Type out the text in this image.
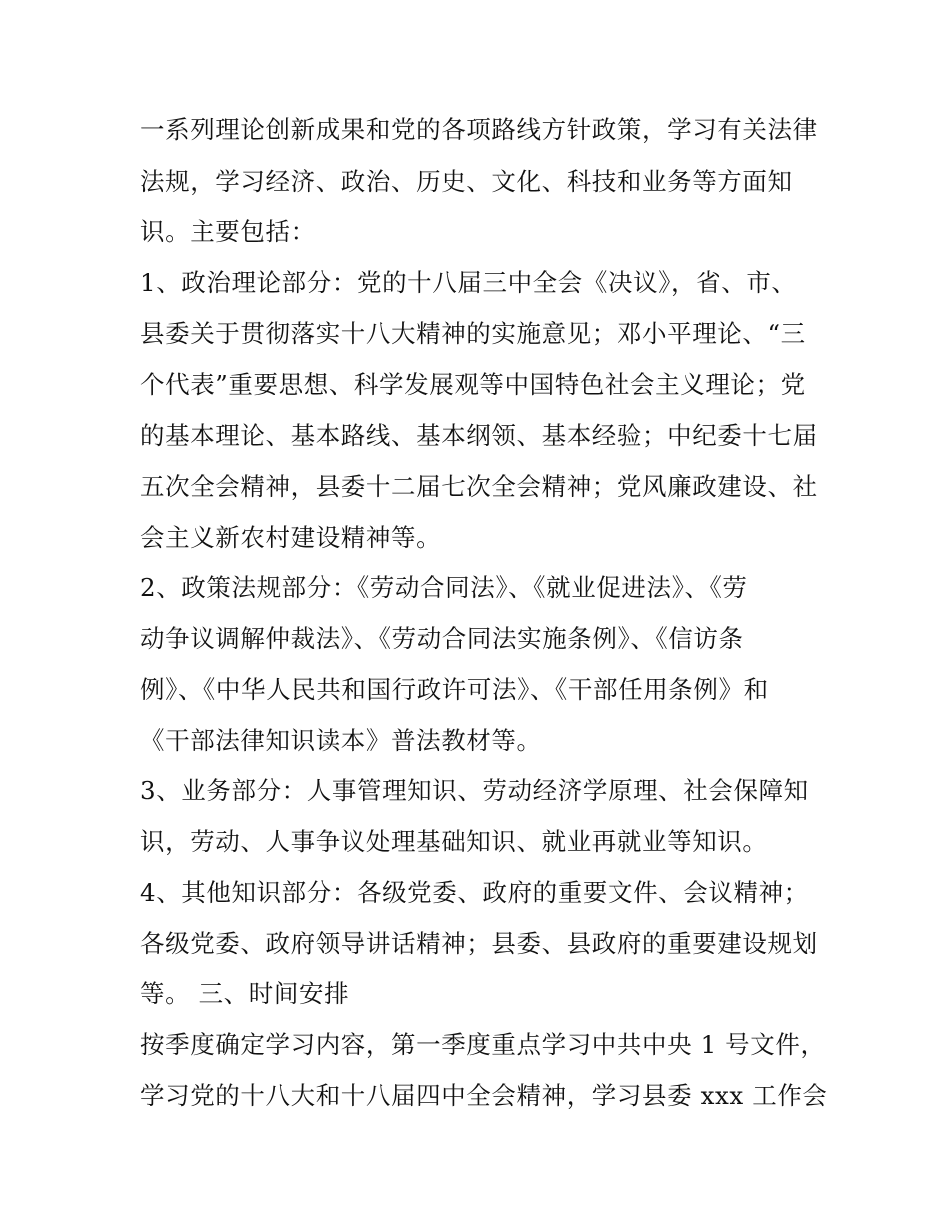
一系列理论创新成果和党的各项路线方针政策，学习有关法律
法规，学习经济、政治、历史、文化、科技和业务等方面知
识。主要包括：
1、政治理论部分：党的十八届三中全会《决议》，省、市、
县委关于贯彻落实十八大精神的实施意见；邓小平理论、“三
个代表”重要思想、科学发展观等中国特色社会主义理论；党
的基本理论、基本路线、基本纲领、基本经验；中纪委十七届
五次全会精神，县委十二届七次全会精神；党风廉政建设、社
会主义新农村建设精神等。
2、政策法规部分：《劳动合同法》、《就业促进法》、《劳
动争议调解仲裁法》、《劳动合同法实施条例》、《信访条
例》、《中华人民共和国行政许可法》、《干部任用条例》和
《干部法律知识读本》普法教材等。
3、业务部分：人事管理知识、劳动经济学原理、社会保障知
识，劳动、人事争议处理基础知识、就业再就业等知识。
4、其他知识部分：各级党委、政府的重要文件、会议精神；
各级党委、政府领导讲话精神；县委、县政府的重要建设规划
等。 三、时间安排
按季度确定学习内容，第一季度重点学习中共中央 1 号文件，
学习党的十八大和十八届四中全会精神，学习县委 xxx 工作会
